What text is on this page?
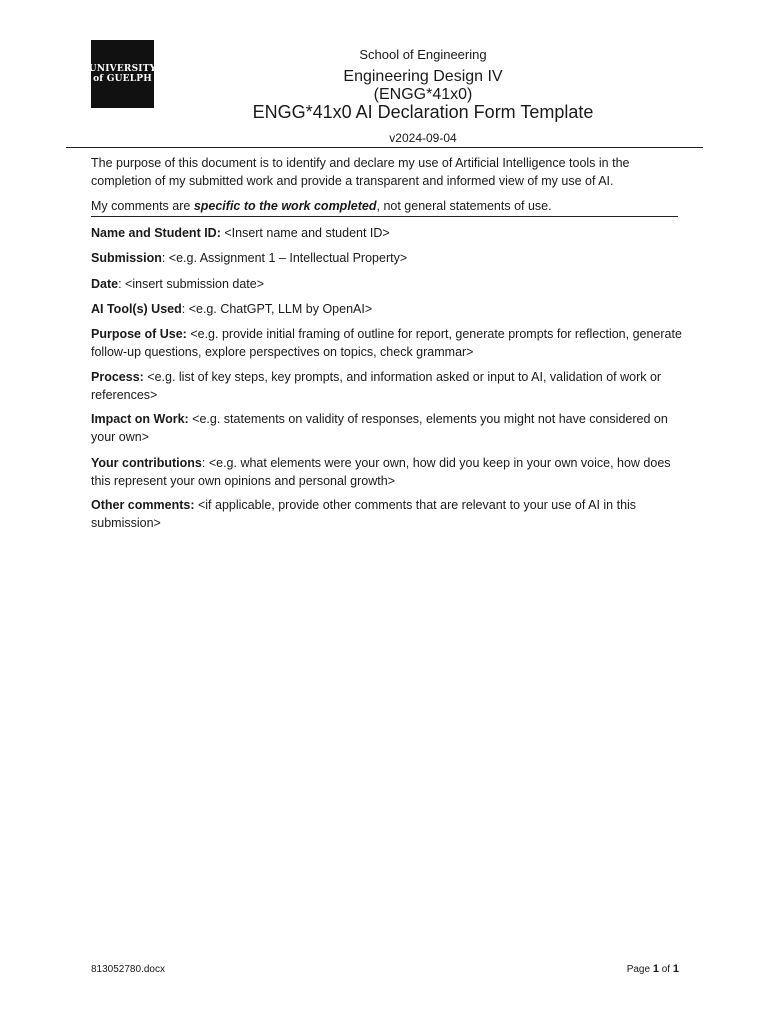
UNIVERSITY
of GUELPH
School of Engineering
Engineering Design IV (ENGG*41x0)
ENGG*41x0 AI Declaration Form Template
v2024-09-04
The purpose of this document is to identify and declare my use of Artificial Intelligence tools in the completion of my submitted work and provide a transparent and informed view of my use of AI.
My comments are specific to the work completed, not general statements of use.
Name and Student ID: <Insert name and student ID>
Submission: <e.g. Assignment 1 – Intellectual Property>
Date: <insert submission date>
AI Tool(s) Used: <e.g. ChatGPT, LLM by OpenAI>
Purpose of Use: <e.g. provide initial framing of outline for report, generate prompts for reflection, generate follow-up questions, explore perspectives on topics, check grammar>
Process: <e.g. list of key steps, key prompts, and information asked or input to AI, validation of work or references>
Impact on Work: <e.g. statements on validity of responses, elements you might not have considered on your own>
Your contributions: <e.g. what elements were your own, how did you keep in your own voice, how does this represent your own opinions and personal growth>
Other comments: <if applicable, provide other comments that are relevant to your use of AI in this submission>
813052780.docx	Page 1 of 1
